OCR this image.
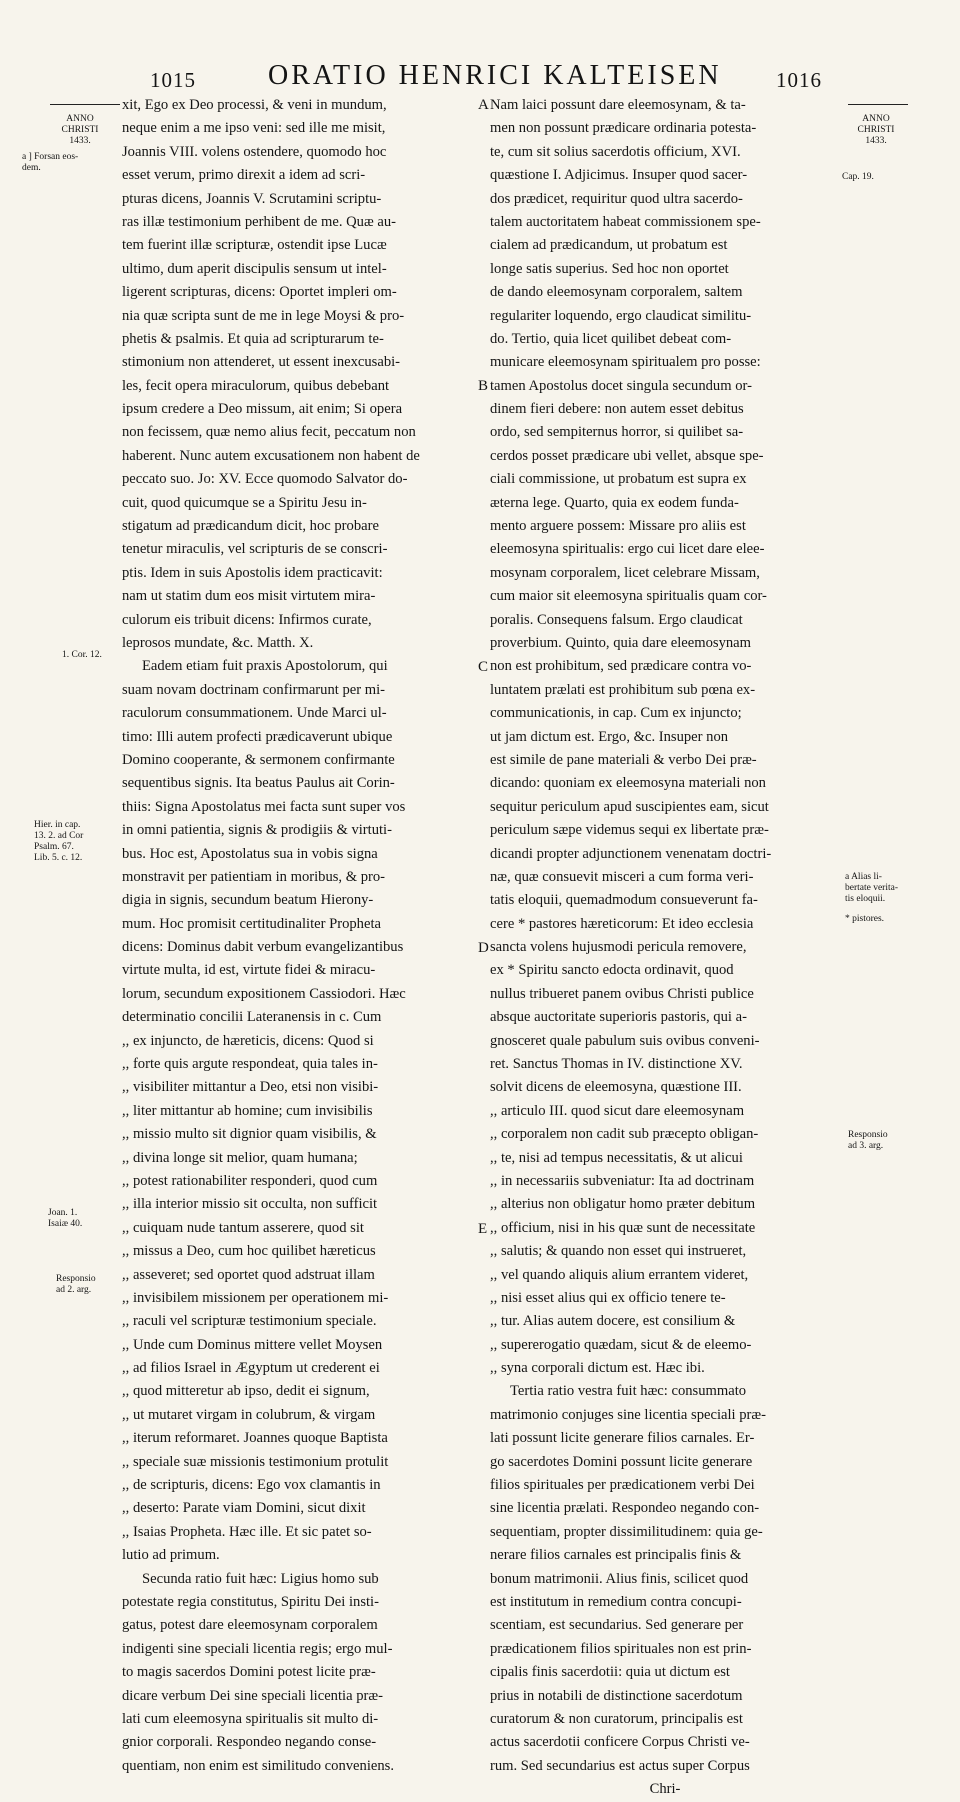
1015	ORATIO HENRICI KALTEISEN	1016
xit, Ego ex Deo processi, & veni in mundum,
neque enim a me ipso veni: sed ille me misit,
Joannis VIII. volens ostendere, quomodo hoc
esset verum, primo direxit a idem ad scri-
pturas dicens, Joannis V. Scrutamini scriptu-
ras illæ testimonium perhibent de me. Quæ au-
tem fuerint illæ scripturæ, ostendit ipse Lucæ
ultimo, dum aperit discipulis sensum ut intel-
ligerent scripturas, dicens: Oportet impleri om-
nia quæ scripta sunt de me in lege Moysi & pro-
phetis & psalmis. Et quia ad scripturarum te-
stimonium non attenderet, ut essent inexcusabi-
les, fecit opera miraculorum, quibus debebant
ipsum credere a Deo missum, ait enim; Si opera
non fecissem, quæ nemo alius fecit, peccatum non
haberent. Nunc autem excusationem non habent de
peccato suo. Jo: XV. Ecce quomodo Salvator do-
cuit, quod quicumque se a Spiritu Jesu in-
stigatum ad prædicandum dicit, hoc probare
tenetur miraculis, vel scripturis de se conscri-
ptis. Idem in suis Apostolis idem practicavit:
nam ut statim dum eos misit virtutem mira-
culorum eis tribuit dicens: Infirmos curate,
leprosos mundate, &c. Matth. X.
Eadem etiam fuit praxis Apostolorum, qui
suam novam doctrinam confirmarunt per mi-
raculorum consummationem. Unde Marci ul-
timo: Illi autem profecti prædicaverunt ubique
Domino cooperante, & sermonem confirmante
sequentibus signis. Ita beatus Paulus ait Corin-
thiis: Signa Apostolatus mei facta sunt super vos
in omni patientia, signis & prodigiis & virtuti-
bus. Hoc est, Apostolatus sua in vobis signa
monstravit per patientiam in moribus, & pro-
digia in signis, secundum beatum Hierony-
mum. Hoc promisit certitudinaliter Propheta
dicens: Dominus dabit verbum evangelizantibus
virtute multa, id est, virtute fidei & miracu-
lorum, secundum expositionem Cassiodori. Hæc
determinatio concilii Lateranensis in c. Cum
,, ex injuncto, de hæreticis, dicens: Quod si
,, forte quis argute respondeat, quia tales in-
,, visibiliter mittantur a Deo, etsi non visibi-
,, liter mittantur ab homine; cum invisibilis
,, missio multo sit dignior quam visibilis, &
,, divina longe sit melior, quam humana;
,, potest rationabiliter responderi, quod cum
,, illa interior missio sit occulta, non sufficit
,, cuiquam nude tantum asserere, quod sit
,, missus a Deo, cum hoc quilibet hæreticus
,, asseveret; sed oportet quod adstruat illam
,, invisibilem missionem per operationem mi-
,, raculi vel scripturæ testimonium speciale.
,, Unde cum Dominus mittere vellet Moysen
,, ad filios Israel in Ægyptum ut crederent ei
,, quod mitteretur ab ipso, dedit ei signum,
,, ut mutaret virgam in colubrum, & virgam
,, iterum reformaret. Joannes quoque Baptista
,, speciale suæ missionis testimonium protulit
,, de scripturis, dicens: Ego vox clamantis in
,, deserto: Parate viam Domini, sicut dixit
,, Isaias Propheta. Hæc ille. Et sic patet so-
lutio ad primum.
Secunda ratio fuit hæc: Ligius homo sub
potestate regia constitutus, Spiritu Dei insti-
gatus, potest dare eleemosynam corporalem
indigenti sine speciali licentia regis; ergo mul-
to magis sacerdos Domini potest licite præ-
dicare verbum Dei sine speciali licentia præ-
lati cum eleemosyna spiritualis sit multo di-
gnior corporali. Respondeo negando conse-
quentiam, non enim est similitudo conveniens.
Nam laici possunt dare eleemosynam, & ta-
men non possunt prædicare ordinaria potesta-
te, cum sit solius sacerdotis officium, XVI.
quæstione I. Adjicimus. Insuper quod sacer-
dos prædicet, requiritur quod ultra sacerdo-
talem auctoritatem habeat commissionem spe-
cialem ad prædicandum, ut probatum est
longe satis superius. Sed hoc non oportet
de dando eleemosynam corporalem, saltem
regulariter loquendo, ergo claudicat similitu-
do. Tertio, quia licet quilibet debeat com-
municare eleemosynam spiritualem pro posse:
tamen Apostolus docet singula secundum or-
dinem fieri debere: non autem esset debitus
ordo, sed sempiternus horror, si quilibet sa-
cerdos posset prædicare ubi vellet, absque spe-
ciali commissione, ut probatum est supra ex
æterna lege. Quarto, quia ex eodem funda-
mento arguere possem: Missare pro aliis est
eleemosyna spiritualis: ergo cui licet dare elee-
mosynam corporalem, licet celebrare Missam,
cum maior sit eleemosyna spiritualis quam cor-
poralis. Consequens falsum. Ergo claudicat
proverbium. Quinto, quia dare eleemosynam
non est prohibitum, sed prædicare contra vo-
luntatem prælati est prohibitum sub pœna ex-
communicationis, in cap. Cum ex injuncto;
ut jam dictum est. Ergo, &c. Insuper non
est simile de pane materiali & verbo Dei præ-
dicando: quoniam ex eleemosyna materiali non
sequitur periculum apud suscipientes eam, sicut
periculum sæpe videmus sequi ex libertate præ-
dicandi propter adjunctionem venenatam doctri-
næ, quæ consuevit misceri a cum forma veri-
tatis eloquii, quemadmodum consueverunt fa-
cere * pastores hæreticorum: Et ideo ecclesia
sancta volens hujusmodi pericula removere,
ex * Spiritu sancto edocta ordinavit, quod
nullus tribueret panem ovibus Christi publice
absque auctoritate superioris pastoris, qui a-
gnosceret quale pabulum suis ovibus conveni-
ret. Sanctus Thomas in IV. distinctione XV.
solvit dicens de eleemosyna, quæstione III.
,, articulo III. quod sicut dare eleemosynam
,, corporalem non cadit sub præcepto obligan-
,, te, nisi ad tempus necessitatis, & ut alicui
,, in necessariis subveniatur: Ita ad doctrinam
,, alterius non obligatur homo præter debitum
,, officium, nisi in his quæ sunt de necessitate
,, salutis; & quando non esset qui instrueret,
,, vel quando aliquis alium errantem videret,
,, nisi esset alius qui ex officio tenere te-
,, tur. Alias autem docere, est consilium &
,, supererogatio quædam, sicut & de eleemo-
,, syna corporali dictum est. Hæc ibi.
Tertia ratio vestra fuit hæc: consummato
matrimonio conjuges sine licentia speciali præ-
lati possunt licite generare filios carnales. Er-
go sacerdotes Domini possunt licite generare
filios spirituales per prædicationem verbi Dei
sine licentia prælati. Respondeo negando con-
sequentiam, propter dissimilitudinem: quia ge-
nerare filios carnales est principalis finis &
bonum matrimonii. Alius finis, scilicet quod
est institutum in remedium contra concupi-
scentiam, est secundarius. Sed generare per
prædicationem filios spirituales non est prin-
cipalis finis sacerdotii: quia ut dictum est
prius in notabili de distinctione sacerdotum
curatorum & non curatorum, principalis est
actus sacerdotii conficere Corpus Christi ve-
rum. Sed secundarius est actus super Corpus
Chri-
ANNO
CHRISTI
1433.
a ] Forsan eos-
dem.
1. Cor. 12.
Hier. in cap.
13. 2. ad Cor
Psalm. 67.
Lib. 5. c. 12.
Joan. 1.
Isaiæ 40.
Responsio
ad 2. arg.
ANNO
CHRISTI
1433.
Cap. 19.
a Alias li-
bertate verita-
tis eloquii.
* pistores.
Responsio
ad 3. arg.
A
B
C
D
E
